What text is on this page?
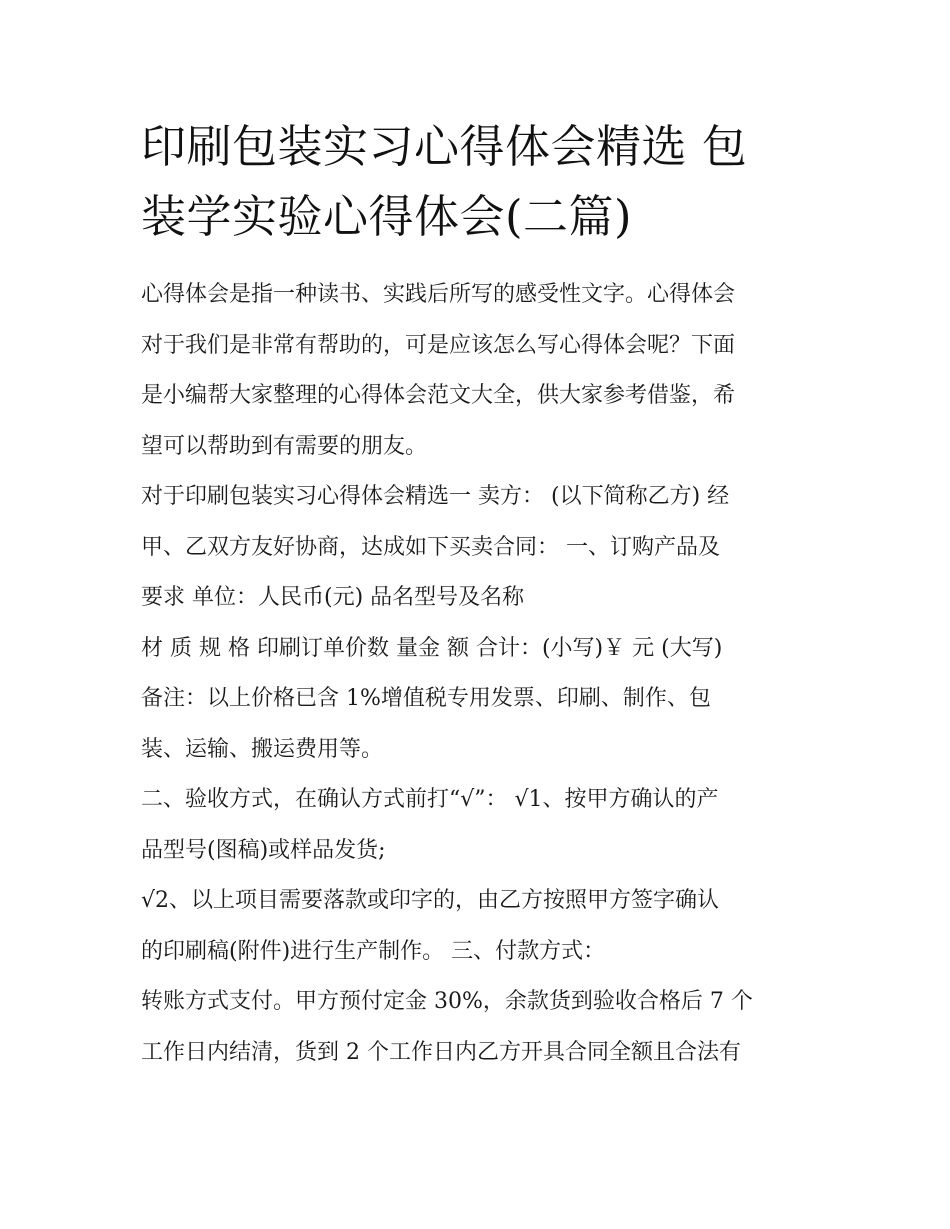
印刷包装实习心得体会精选 包
装学实验心得体会(二篇)

心得体会是指一种读书、实践后所写的感受性文字。心得体会
对于我们是非常有帮助的，可是应该怎么写心得体会呢？下面
是小编帮大家整理的心得体会范文大全，供大家参考借鉴，希
望可以帮助到有需要的朋友。

对于印刷包装实习心得体会精选一 卖方： (以下简称乙方) 经
甲、乙双方友好协商，达成如下买卖合同： 一、订购产品及
要求 单位：人民币(元) 品名型号及名称

材 质 规 格 印刷订单价数 量金 额 合计：(小写)￥ 元 (大写)
备注：以上价格已含 1%增值税专用发票、印刷、制作、包
装、运输、搬运费用等。

二、验收方式，在确认方式前打“√”： √1、按甲方确认的产
品型号(图稿)或样品发货;

√2、以上项目需要落款或印字的，由乙方按照甲方签字确认
的印刷稿(附件)进行生产制作。 三、付款方式：

转账方式支付。甲方预付定金 30%，余款货到验收合格后 7 个
工作日内结清，货到 2 个工作日内乙方开具合同全额且合法有
